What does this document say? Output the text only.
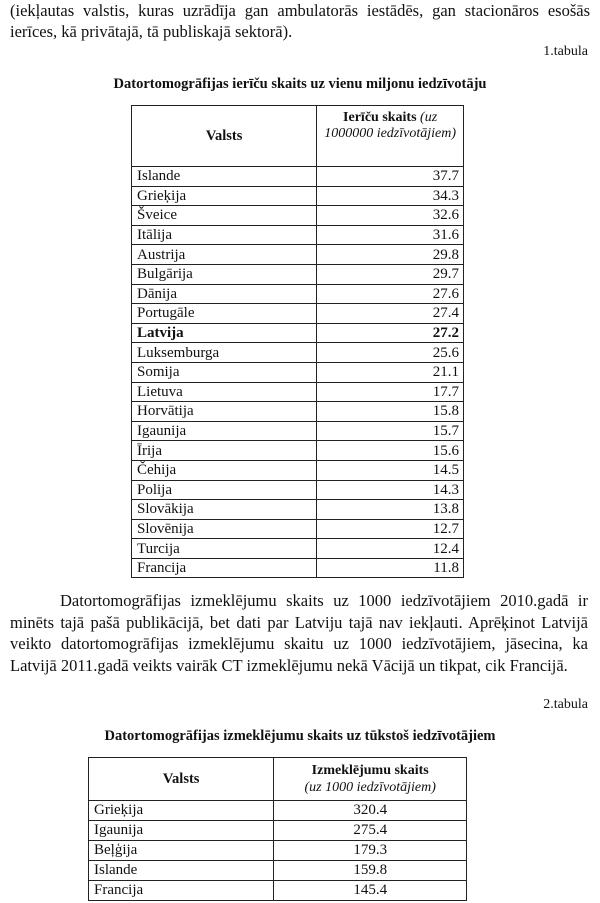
(iekļautas valstis, kuras uzrādīja gan ambulatorās iestādēs, gan stacionāros esošās ierīces, kā privātajā, tā publiskajā sektorā).
1.tabula
Datortomogrāfijas ierīču skaits uz vienu miljonu iedzīvotāju
Valsts	Ierīču skaits (uz 1000000 iedzīvotājiem)
Islande	37.7
Grieķija	34.3
Šveice	32.6
Itālija	31.6
Austrija	29.8
Bulgārija	29.7
Dānija	27.6
Portugāle	27.4
Latvija	27.2
Luksemburga	25.6
Somija	21.1
Lietuva	17.7
Horvātija	15.8
Igaunija	15.7
Īrija	15.6
Čehija	14.5
Polija	14.3
Slovākija	13.8
Slovēnija	12.7
Turcija	12.4
Francija	11.8
Datortomogrāfijas izmeklējumu skaits uz 1000 iedzīvotājiem 2010.gadā ir minēts tajā pašā publikācijā, bet dati par Latviju tajā nav iekļauti. Aprēķinot Latvijā veikto datortomogrāfijas izmeklējumu skaitu uz 1000 iedzīvotājiem, jāsecina, ka Latvijā 2011.gadā veikts vairāk CT izmeklējumu nekā Vācijā un tikpat, cik Francijā.
2.tabula
Datortomogrāfijas izmeklējumu skaits uz tūkstoš iedzīvotājiem
Valsts	Izmeklējumu skaits
(uz 1000 iedzīvotājiem)
Grieķija	320.4
Igaunija	275.4
Beļģija	179.3
Islande	159.8
Francija	145.4
